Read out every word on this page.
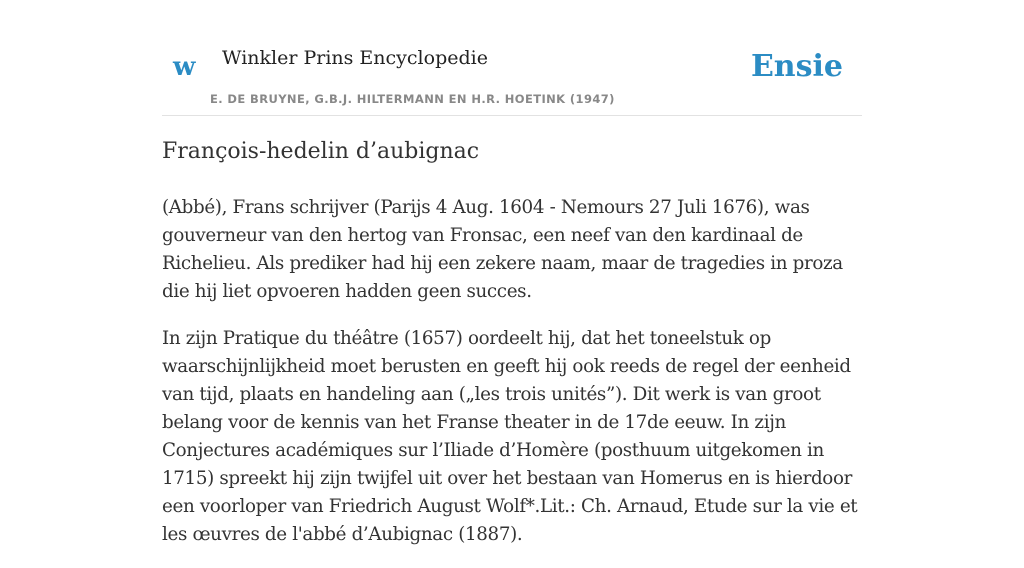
w Winkler Prins Encyclopedie
E. DE BRUYNE, G.B.J. HILTERMANN EN H.R. HOETINK (1947)
Ensie
François-hedelin d’aubignac

(Abbé), Frans schrijver (Parijs 4 Aug. 1604 - Nemours 27 Juli 1676), was gouverneur van den hertog van Fronsac, een neef van den kardinaal de Richelieu. Als prediker had hij een zekere naam, maar de tragedies in proza die hij liet opvoeren hadden geen succes.

In zijn Pratique du théâtre (1657) oordeelt hij, dat het toneelstuk op waarschijnlijkheid moet berusten en geeft hij ook reeds de regel der eenheid van tijd, plaats en handeling aan („les trois unités”). Dit werk is van groot belang voor de kennis van het Franse theater in de 17de eeuw. In zijn Conjectures académiques sur l’Iliade d’Homère (posthuum uitgekomen in 1715) spreekt hij zijn twijfel uit over het bestaan van Homerus en is hierdoor een voorloper van Friedrich August Wolf*.Lit.: Ch. Arnaud, Etude sur la vie et les œuvres de l'abbé d’Aubignac (1887).
